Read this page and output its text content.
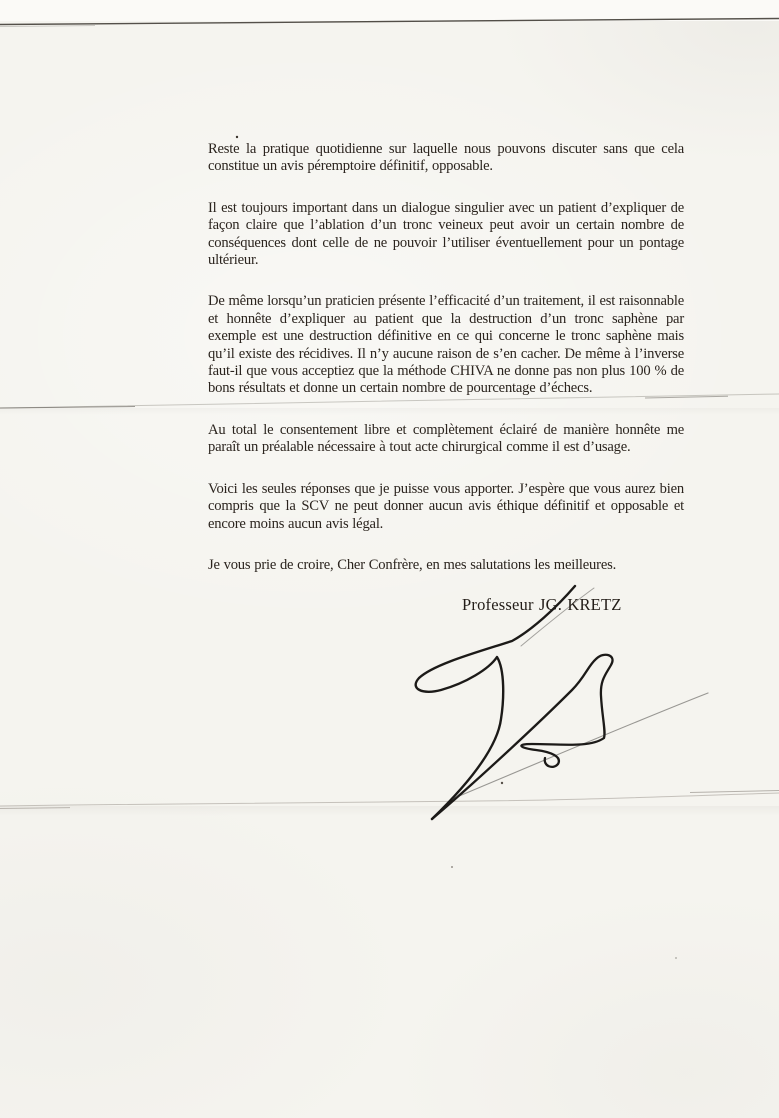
Reste la pratique quotidienne sur laquelle nous pouvons discuter sans que cela constitue un avis péremptoire définitif, opposable.

Il est toujours important dans un dialogue singulier avec un patient d’expliquer de façon claire que l’ablation d’un tronc veineux peut avoir un certain nombre de conséquences dont celle de ne pouvoir l’utiliser éventuellement pour un pontage ultérieur.

De même lorsqu’un praticien présente l’efficacité d’un traitement, il est raisonnable et honnête d’expliquer au patient que la destruction d’un tronc saphène par exemple est une destruction définitive en ce qui concerne le tronc saphène mais qu’il existe des récidives. Il n’y aucune raison de s’en cacher. De même à l’inverse faut-il que vous acceptiez que la méthode CHIVA ne donne pas non plus 100 % de bons résultats et donne un certain nombre de pourcentage d’échecs.

Au total le consentement libre et complètement éclairé de manière honnête me paraît un préalable nécessaire à tout acte chirurgical comme il est d’usage.

Voici les seules réponses que je puisse vous apporter. J’espère que vous aurez bien compris que la SCV ne peut donner aucun avis éthique définitif et opposable et encore moins aucun avis légal.

Je vous prie de croire, Cher Confrère, en mes salutations les meilleures.

Professeur JG. KRETZ
